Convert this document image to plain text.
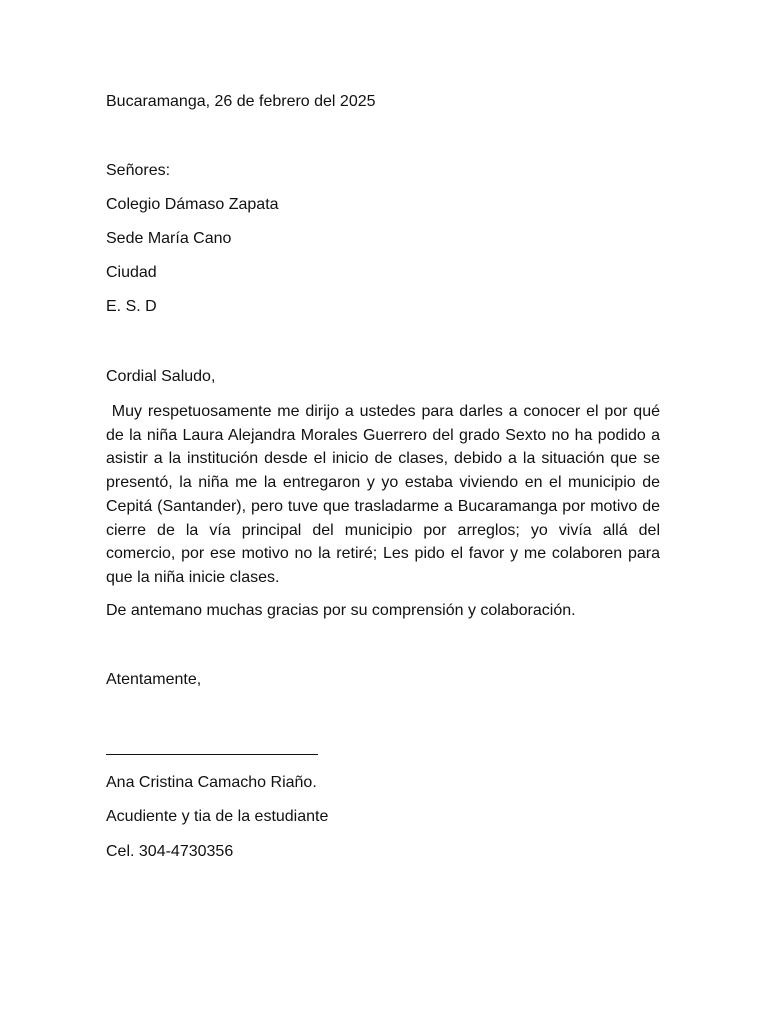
Bucaramanga, 26 de febrero del 2025
Señores:
Colegio Dámaso Zapata
Sede María Cano
Ciudad
E. S. D
Cordial Saludo,
Muy respetuosamente me dirijo a ustedes para darles a conocer el por qué
de la niña Laura Alejandra Morales Guerrero del grado Sexto no ha podido a
asistir a la institución desde el inicio de clases, debido a la situación que se
presentó, la niña me la entregaron y yo estaba viviendo en el municipio de
Cepitá (Santander), pero tuve que trasladarme a Bucaramanga por motivo de
cierre de la vía principal del municipio por arreglos; yo vivía allá del
comercio, por ese motivo no la retiré; Les pido el favor y me colaboren para
que la niña inicie clases.
De antemano muchas gracias por su comprensión y colaboración.
Atentamente,
Ana Cristina Camacho Riaño.
Acudiente y tia de la estudiante
Cel. 304-4730356
